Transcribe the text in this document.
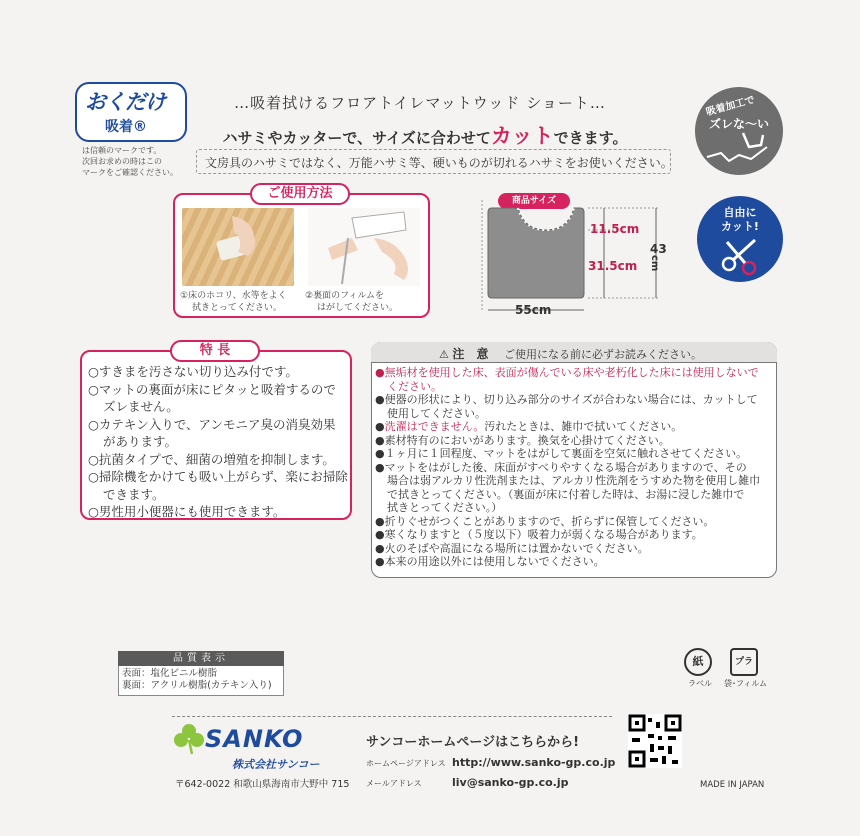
おくだけ
吸着®
は信頼のマークです。
次回お求めの時はこの
マークをご確認ください。
…吸着拭けるフロアトイレマットウッド ショート…
ハサミやカッターで、サイズに合わせてカットできます。
文房具のハサミではなく、万能ハサミ等、硬いものが切れるハサミをお使いください。
吸着加工で
ズレな〜い
自由に
カット!
ご使用方法
①床のホコリ、水等をよく
拭きとってください。
②裏面のフィルムを
はがしてください。
商品サイズ
11.5cm
31.5cm
43
cm
55cm
特 長
○すきまを汚さない切り込み付です。
○マットの裏面が床にピタッと吸着するので
ズレません。
○カテキン入りで、アンモニア臭の消臭効果
があります。
○抗菌タイプで、細菌の増殖を抑制します。
○掃除機をかけても吸い上がらず、楽にお掃除
できます。
○男性用小便器にも使用できます。
⚠ 注 意 ご使用になる前に必ずお読みください。
●無垢材を使用した床、表面が傷んでいる床や老朽化した床には使用しないで
ください。
●便器の形状により、切り込み部分のサイズが合わない場合には、カットして
使用してください。
●洗濯はできません。汚れたときは、雑巾で拭いてください。
●素材特有のにおいがあります。換気を心掛けてください。
●１ヶ月に１回程度、マットをはがして裏面を空気に触れさせてください。
●マットをはがした後、床面がすべりやすくなる場合がありますので、その
場合は弱アルカリ性洗剤または、アルカリ性洗剤をうすめた物を使用し雑巾
で拭きとってください。（裏面が床に付着した時は、お湯に浸した雑巾で
拭きとってください。）
●折りぐせがつくことがありますので、折らずに保管してください。
●寒くなりますと（５度以下）吸着力が弱くなる場合があります。
●火のそばや高温になる場所には置かないでください。
●本来の用途以外には使用しないでください。
品質表示
表面：塩化ビニル樹脂
裏面：アクリル樹脂(カテキン入り)
紙
ラベル
プラ
袋･フィルム
SANKO
株式会社サンコー
〒642-0022 和歌山県海南市大野中 715
サンコーホームページはこちらから!
ホームページアドレス http://www.sanko-gp.co.jp
メールアドレス	liv@sanko-gp.co.jp	MADE IN JAPAN
